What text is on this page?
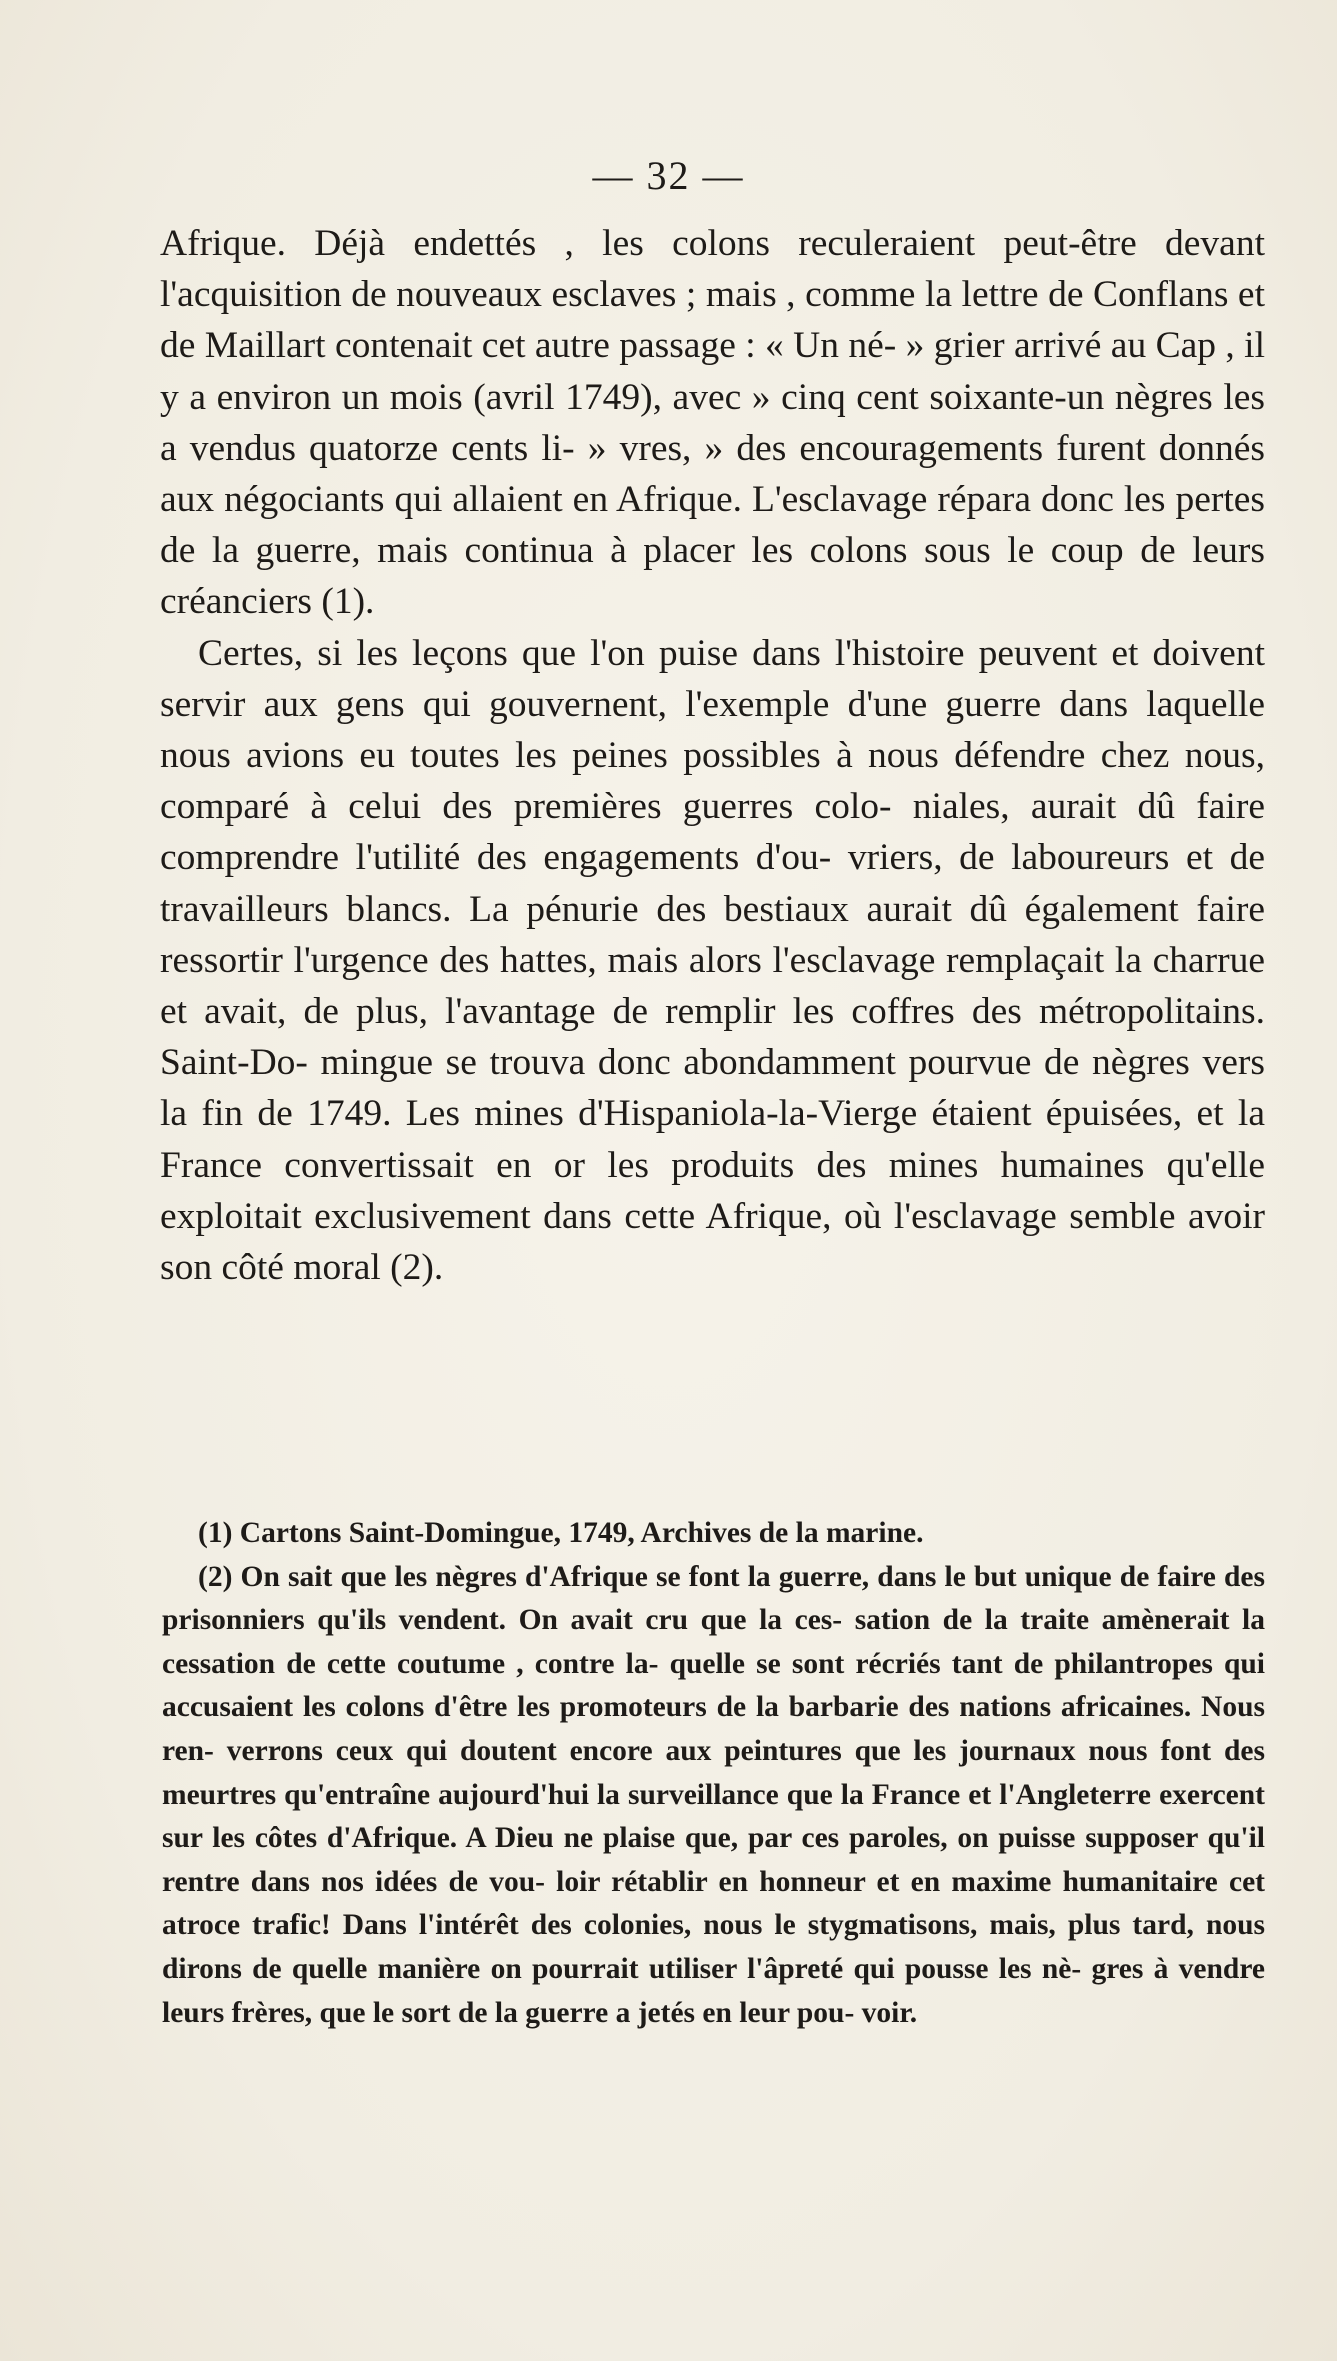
— 32 —

Afrique. Déjà endettés , les colons reculeraient peut-être devant l'acquisition de nouveaux esclaves ; mais , comme la lettre de Conflans et de Maillart contenait cet autre passage : « Un né- » grier arrivé au Cap , il y a environ un mois (avril 1749), avec » cinq cent soixante-un nègres les a vendus quatorze cents li- » vres, » des encouragements furent donnés aux négociants qui allaient en Afrique. L'esclavage répara donc les pertes de la guerre, mais continua à placer les colons sous le coup de leurs créanciers (1).

Certes, si les leçons que l'on puise dans l'histoire peuvent et doivent servir aux gens qui gouvernent, l'exemple d'une guerre dans laquelle nous avions eu toutes les peines possibles à nous défendre chez nous, comparé à celui des premières guerres colo- niales, aurait dû faire comprendre l'utilité des engagements d'ou- vriers, de laboureurs et de travailleurs blancs. La pénurie des bestiaux aurait dû également faire ressortir l'urgence des hattes, mais alors l'esclavage remplaçait la charrue et avait, de plus, l'avantage de remplir les coffres des métropolitains. Saint-Do- mingue se trouva donc abondamment pourvue de nègres vers la fin de 1749. Les mines d'Hispaniola-la-Vierge étaient épuisées, et la France convertissait en or les produits des mines humaines qu'elle exploitait exclusivement dans cette Afrique, où l'esclavage semble avoir son côté moral (2).

(1) Cartons Saint-Domingue, 1749, Archives de la marine.

(2) On sait que les nègres d'Afrique se font la guerre, dans le but unique de faire des prisonniers qu'ils vendent. On avait cru que la ces- sation de la traite amènerait la cessation de cette coutume , contre la- quelle se sont récriés tant de philantropes qui accusaient les colons d'être les promoteurs de la barbarie des nations africaines. Nous ren- verrons ceux qui doutent encore aux peintures que les journaux nous font des meurtres qu'entraîne aujourd'hui la surveillance que la France et l'Angleterre exercent sur les côtes d'Afrique. A Dieu ne plaise que, par ces paroles, on puisse supposer qu'il rentre dans nos idées de vou- loir rétablir en honneur et en maxime humanitaire cet atroce trafic! Dans l'intérêt des colonies, nous le stygmatisons, mais, plus tard, nous dirons de quelle manière on pourrait utiliser l'âpreté qui pousse les nè- gres à vendre leurs frères, que le sort de la guerre a jetés en leur pou- voir.
